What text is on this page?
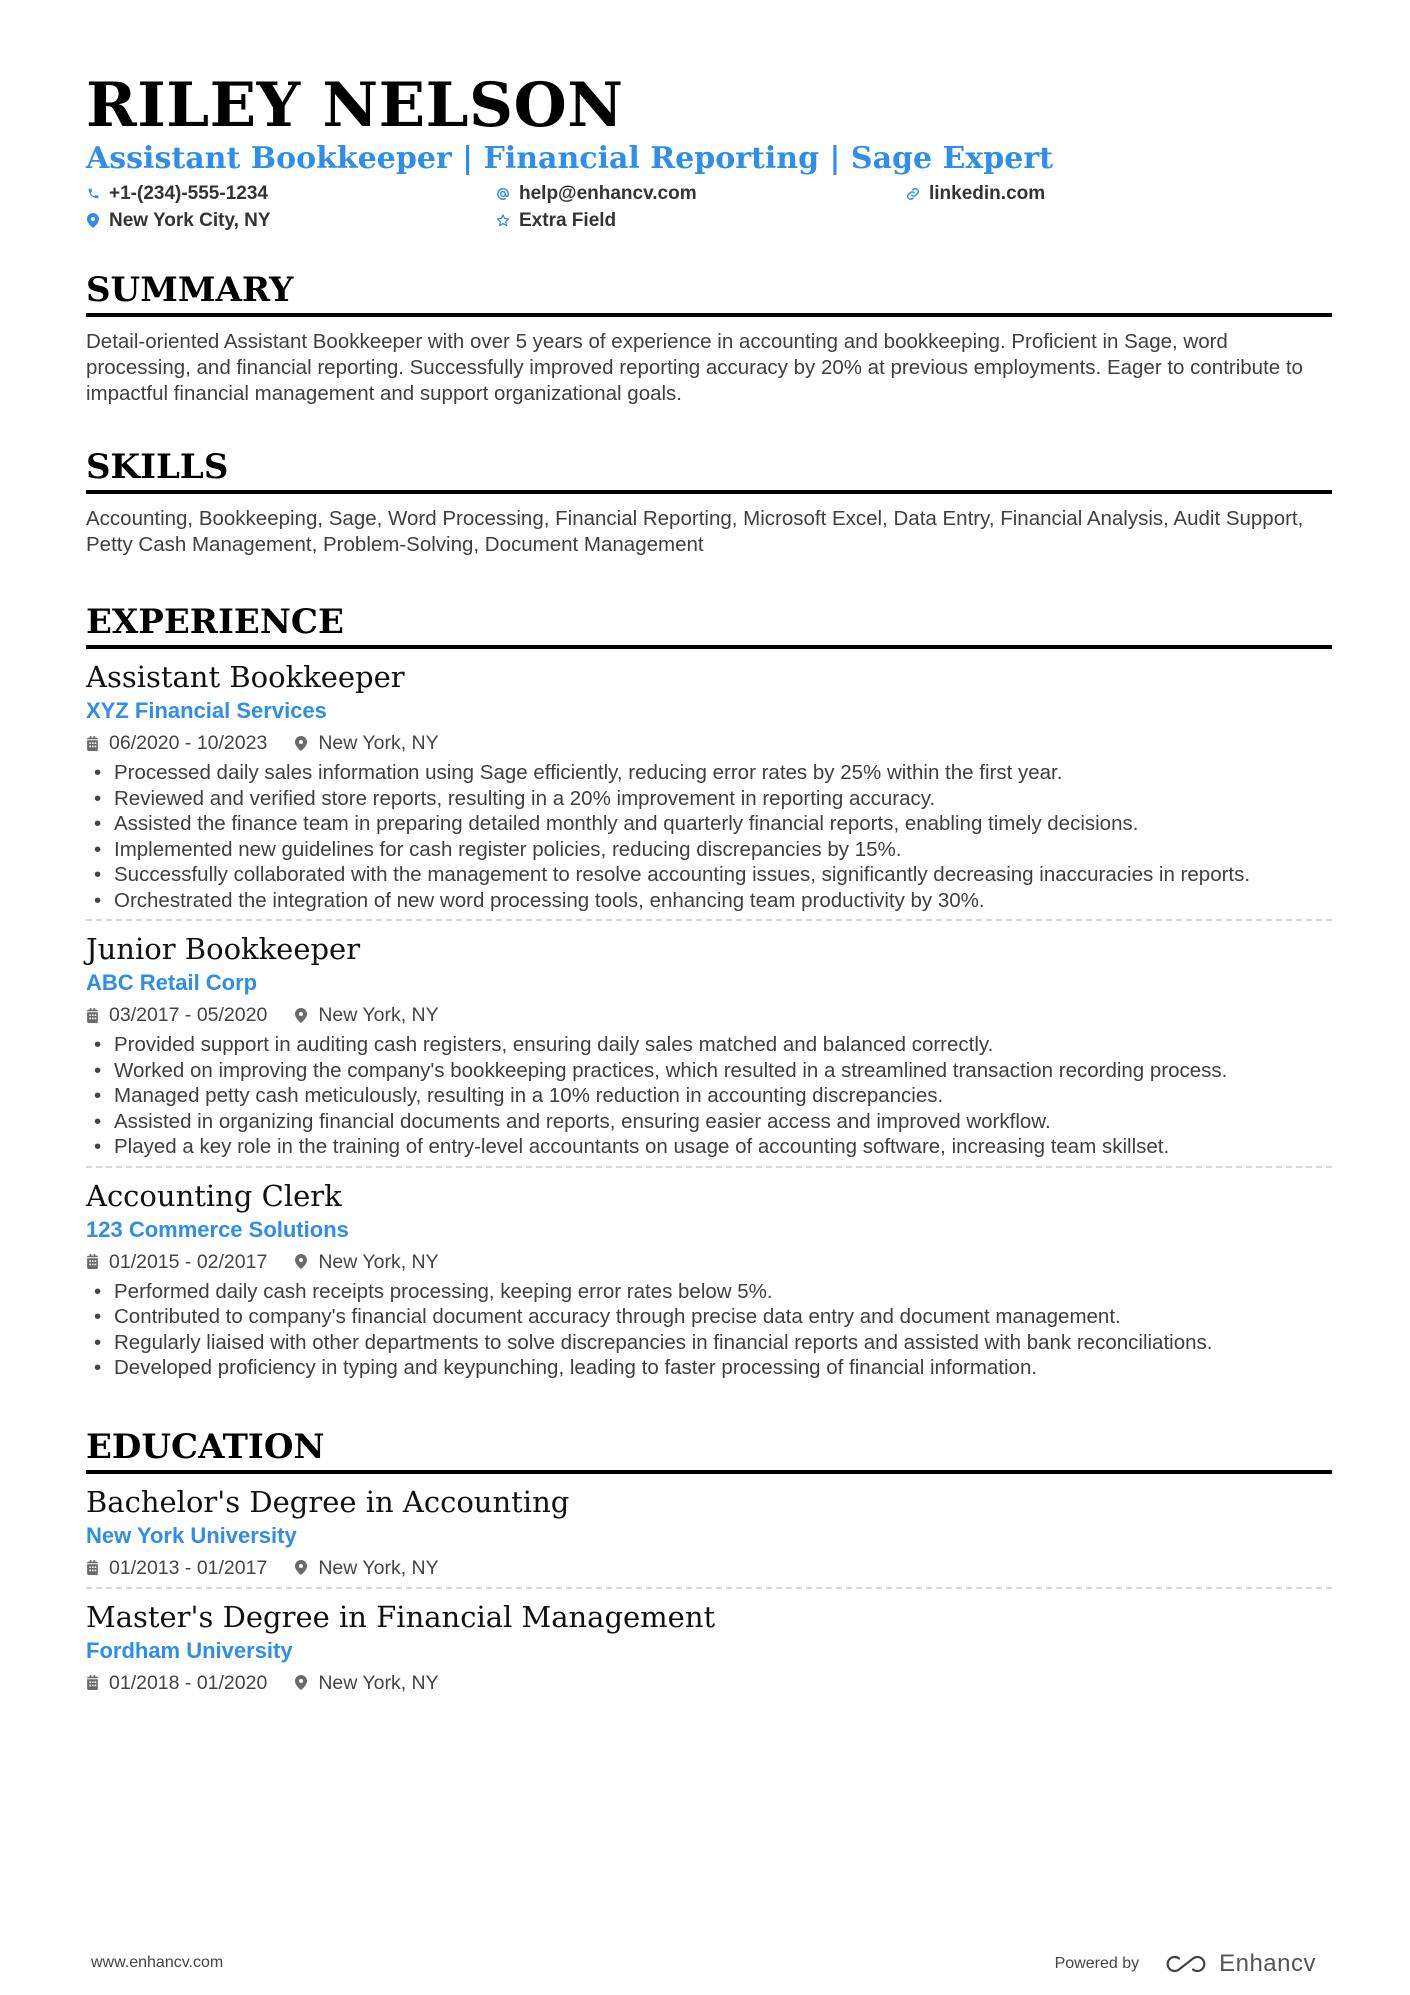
RILEY NELSON
Assistant Bookkeeper | Financial Reporting | Sage Expert
+1-(234)-555-1234	help@enhancv.com	linkedin.com
New York City, NY	Extra Field
SUMMARY
Detail-oriented Assistant Bookkeeper with over 5 years of experience in accounting and bookkeeping. Proficient in Sage, word processing, and financial reporting. Successfully improved reporting accuracy by 20% at previous employments. Eager to contribute to impactful financial management and support organizational goals.
SKILLS
Accounting, Bookkeeping, Sage, Word Processing, Financial Reporting, Microsoft Excel, Data Entry, Financial Analysis, Audit Support, Petty Cash Management, Problem-Solving, Document Management
EXPERIENCE
Assistant Bookkeeper
XYZ Financial Services
06/2020 - 10/2023	New York, NY
• Processed daily sales information using Sage efficiently, reducing error rates by 25% within the first year.
• Reviewed and verified store reports, resulting in a 20% improvement in reporting accuracy.
• Assisted the finance team in preparing detailed monthly and quarterly financial reports, enabling timely decisions.
• Implemented new guidelines for cash register policies, reducing discrepancies by 15%.
• Successfully collaborated with the management to resolve accounting issues, significantly decreasing inaccuracies in reports.
• Orchestrated the integration of new word processing tools, enhancing team productivity by 30%.
Junior Bookkeeper
ABC Retail Corp
03/2017 - 05/2020	New York, NY
• Provided support in auditing cash registers, ensuring daily sales matched and balanced correctly.
• Worked on improving the company's bookkeeping practices, which resulted in a streamlined transaction recording process.
• Managed petty cash meticulously, resulting in a 10% reduction in accounting discrepancies.
• Assisted in organizing financial documents and reports, ensuring easier access and improved workflow.
• Played a key role in the training of entry-level accountants on usage of accounting software, increasing team skillset.
Accounting Clerk
123 Commerce Solutions
01/2015 - 02/2017	New York, NY
• Performed daily cash receipts processing, keeping error rates below 5%.
• Contributed to company's financial document accuracy through precise data entry and document management.
• Regularly liaised with other departments to solve discrepancies in financial reports and assisted with bank reconciliations.
• Developed proficiency in typing and keypunching, leading to faster processing of financial information.
EDUCATION
Bachelor's Degree in Accounting
New York University
01/2013 - 01/2017	New York, NY
Master's Degree in Financial Management
Fordham University
01/2018 - 01/2020	New York, NY
www.enhancv.com	Powered by	Enhancv
